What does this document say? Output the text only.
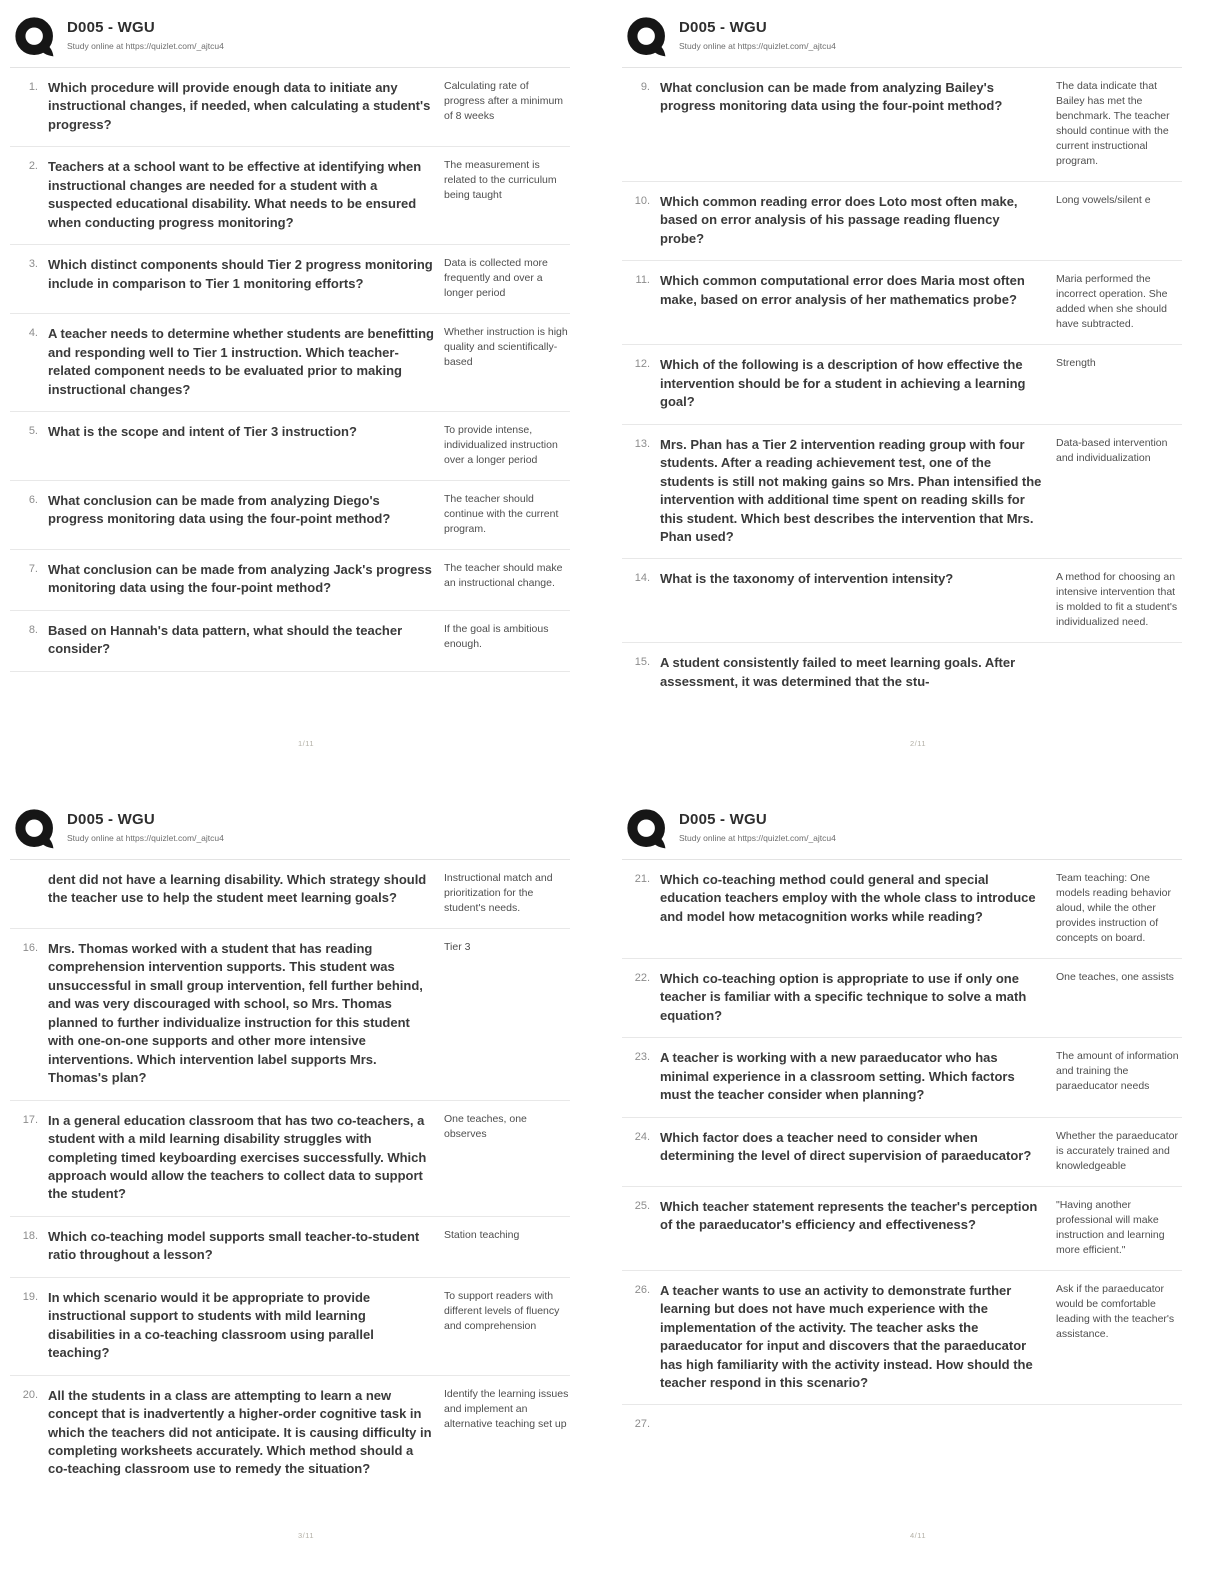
D005 - WGU
Study online at https://quizlet.com/_ajtcu4
1. Which procedure will provide enough data to initiate any instructional changes, if needed, when calculating a student's progress?
Calculating rate of progress after a minimum of 8 weeks
2. Teachers at a school want to be effective at identifying when instructional changes are needed for a student with a suspected educational disability. What needs to be ensured when conducting progress monitoring?
The measurement is related to the curriculum being taught
3. Which distinct components should Tier 2 progress monitoring include in comparison to Tier 1 monitoring efforts?
Data is collected more frequently and over a longer period
4. A teacher needs to determine whether students are benefitting and responding well to Tier 1 instruction. Which teacher-related component needs to be evaluated prior to making instructional changes?
Whether instruction is high quality and scientifically-based
5. What is the scope and intent of Tier 3 instruction?	To provide intense, individualized instruction over a longer period
6. What conclusion can be made from analyzing Diego's progress monitoring data using the four-point method?
The teacher should continue with the current program.
7. What conclusion can be made from analyzing Jack's progress monitoring data using the four-point method?
The teacher should make an instructional change.
8. Based on Hannah's data pattern, what should the teacher consider?
If the goal is ambitious enough.
1/11
D005 - WGU
Study online at https://quizlet.com/_ajtcu4
9. What conclusion can be made from analyzing Bailey's progress monitoring data using the four-point method?
The data indicate that Bailey has met the benchmark. The teacher should continue with the current instructional program.
10. Which common reading error does Loto most often make, based on error analysis of his passage reading fluency probe?
Long vowels/silent e
11. Which common computational error does Maria most often make, based on error analysis of her mathematics probe?
Maria performed the incorrect operation. She added when she should have subtracted.
12. Which of the following is a description of how effective the intervention should be for a student in achieving a learning goal?
Strength
13. Mrs. Phan has a Tier 2 intervention reading group with four students. After a reading achievement test, one of the students is still not making gains so Mrs. Phan intensified the intervention with additional time spent on reading skills for this student. Which best describes the intervention that Mrs. Phan used?
Data-based intervention and individualization
14. What is the taxonomy of intervention intensity?	A method for choosing an intensive intervention that is molded to fit a student's individualized need.
15. A student consistently failed to meet learning goals. After assessment, it was determined that the stu-
2/11
D005 - WGU
Study online at https://quizlet.com/_ajtcu4
dent did not have a learning disability. Which strategy should the teacher use to help the student meet learning goals?
Instructional match and prioritization for the student's needs.
16. Mrs. Thomas worked with a student that has reading comprehension intervention supports. This student was unsuccessful in small group intervention, fell further behind, and was very discouraged with school, so Mrs. Thomas planned to further individualize instruction for this student with one-on-one supports and other more intensive interventions. Which intervention label supports Mrs. Thomas's plan?
Tier 3
17. In a general education classroom that has two co-teachers, a student with a mild learning disability struggles with completing timed keyboarding exercises successfully. Which approach would allow the teachers to collect data to support the student?
One teaches, one observes
18. Which co-teaching model supports small teacher-to-student ratio throughout a lesson?
Station teaching
19. In which scenario would it be appropriate to provide instructional support to students with mild learning disabilities in a co-teaching classroom using parallel teaching?
To support readers with different levels of fluency and comprehension
20. All the students in a class are attempting to learn a new concept that is inadvertently a higher-order cognitive task in which the teachers did not anticipate. It is causing difficulty in completing worksheets accurately. Which method should a co-teaching classroom use to remedy the situation?
Identify the learning issues and implement an alternative teaching set up
3/11
D005 - WGU
Study online at https://quizlet.com/_ajtcu4
21. Which co-teaching method could general and special education teachers employ with the whole class to introduce and model how metacognition works while reading?
Team teaching: One models reading behavior aloud, while the other provides instruction of concepts on board.
22. Which co-teaching option is appropriate to use if only one teacher is familiar with a specific technique to solve a math equation?
One teaches, one assists
23. A teacher is working with a new paraeducator who has minimal experience in a classroom setting. Which factors must the teacher consider when planning?
The amount of information and training the paraeducator needs
24. Which factor does a teacher need to consider when determining the level of direct supervision of paraeducator?
Whether the paraeducator is accurately trained and knowledgeable
25. Which teacher statement represents the teacher's perception of the paraeducator's efficiency and effectiveness?
"Having another professional will make instruction and learning more efficient."
26. A teacher wants to use an activity to demonstrate further learning but does not have much experience with the implementation of the activity. The teacher asks the paraeducator for input and discovers that the paraeducator has high familiarity with the activity instead. How should the teacher respond in this scenario?
Ask if the paraeducator would be comfortable leading with the teacher's assistance.
27.
4/11
